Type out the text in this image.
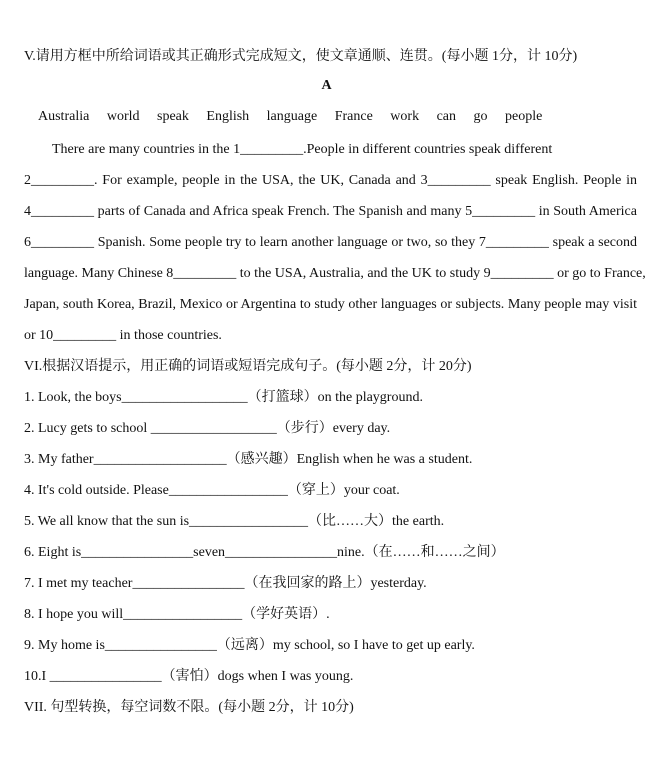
V.请用方框中所给词语或其正确形式完成短文，使文章通顺、连贯。(每小题 1分，计 10分)
A
Australia world speak English language France work can go people
There are many countries in the 1_________.People in different countries speak different
2_________. For example, people in the USA, the UK, Canada and 3_________ speak English. People in
4_________ parts of Canada and Africa speak French. The Spanish and many 5_________ in South America
6_________ Spanish. Some people try to learn another language or two, so they 7_________ speak a second
language. Many Chinese 8_________ to the USA, Australia, and the UK to study 9_________ or go to France,
Japan, south Korea, Brazil, Mexico or Argentina to study other languages or subjects. Many people may visit
or 10_________ in those countries.
VI.根据汉语提示，用正确的词语或短语完成句子。(每小题 2分，计 20分)
1. Look, the boys__________________（打篮球）on the playground.
2. Lucy gets to school __________________（步行）every day.
3. My father___________________（感兴趣）English when he was a student.
4. It's cold outside. Please_________________（穿上）your coat.
5. We all know that the sun is_________________（比……大）the earth.
6. Eight is________________seven________________nine.（在……和……之间）
7. I met my teacher________________（在我回家的路上）yesterday.
8. I hope you will_________________（学好英语）.
9. My home is________________（远离）my school, so I have to get up early.
10.I ________________（害怕）dogs when I was young.
VII. 句型转换，每空词数不限。(每小题 2分，计 10分)
